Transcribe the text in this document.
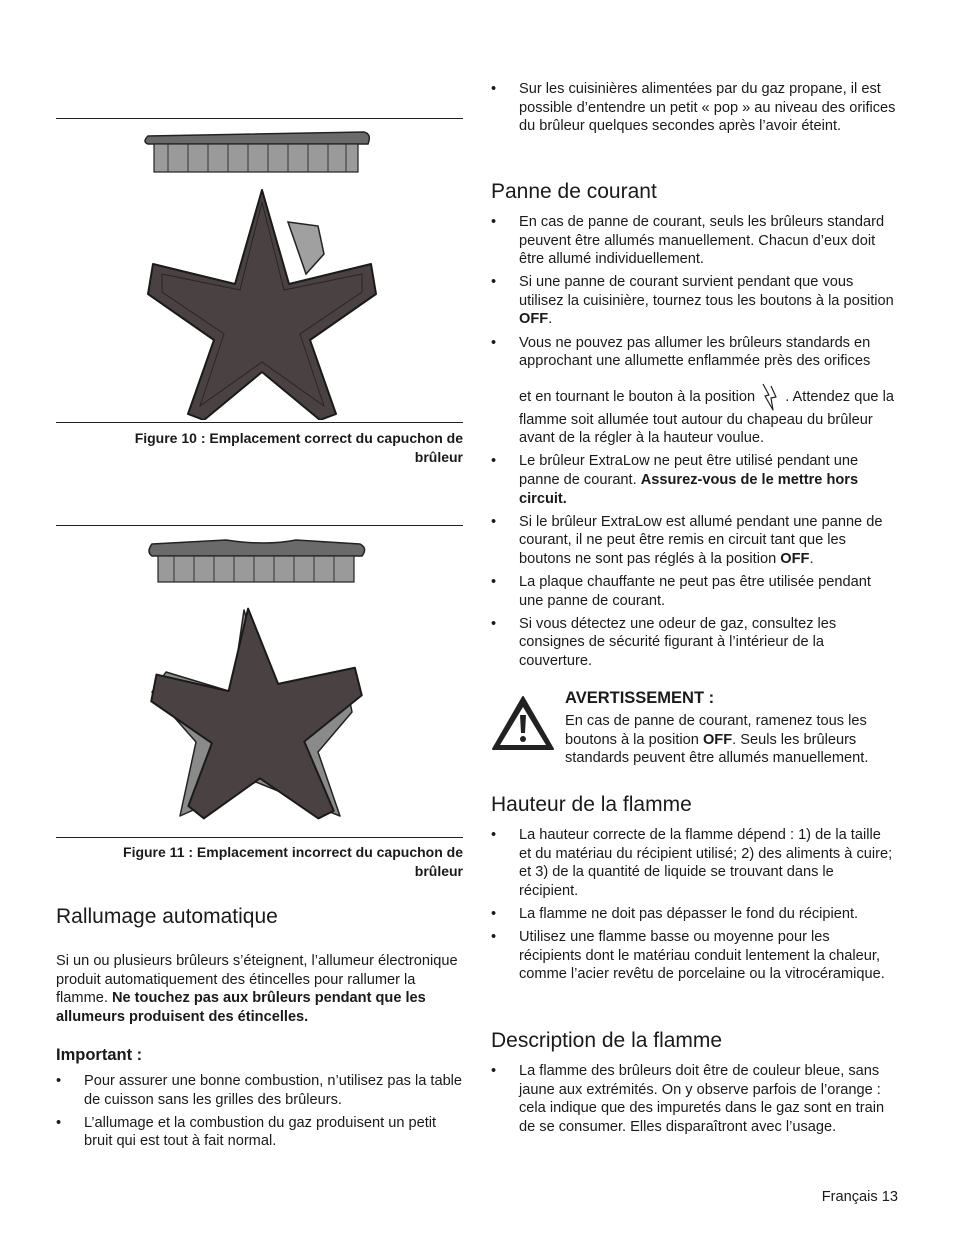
Figure 10 : Emplacement correct du capuchon de
brûleur
Figure 11 : Emplacement incorrect du capuchon de
brûleur
Rallumage automatique

Si un ou plusieurs brûleurs s’éteignent, l’allumeur électronique produit automatiquement des étincelles pour rallumer la flamme. Ne touchez pas aux brûleurs pendant que les allumeurs produisent des étincelles.

Important :
• Pour assurer une bonne combustion, n’utilisez pas la table de cuisson sans les grilles des brûleurs.
• L’allumage et la combustion du gaz produisent un petit bruit qui est tout à fait normal.
• Sur les cuisinières alimentées par du gaz propane, il est possible d’entendre un petit « pop » au niveau des orifices du brûleur quelques secondes après l’avoir éteint.
Panne de courant
• En cas de panne de courant, seuls les brûleurs standard peuvent être allumés manuellement. Chacun d’eux doit être allumé individuellement.
• Si une panne de courant survient pendant que vous utilisez la cuisinière, tournez tous les boutons à la position OFF.
• Vous ne pouvez pas allumer les brûleurs standards en approchant une allumette enflammée près des orifices
et en tournant le bouton à la position . Attendez que la flamme soit allumée tout autour du chapeau du brûleur avant de la régler à la hauteur voulue.
• Le brûleur ExtraLow ne peut être utilisé pendant une panne de courant. Assurez-vous de le mettre hors circuit.
• Si le brûleur ExtraLow est allumé pendant une panne de courant, il ne peut être remis en circuit tant que les boutons ne sont pas réglés à la position OFF.
• La plaque chauffante ne peut pas être utilisée pendant une panne de courant.
• Si vous détectez une odeur de gaz, consultez les consignes de sécurité figurant à l’intérieur de la couverture.
AVERTISSEMENT :
En cas de panne de courant, ramenez tous les boutons à la position OFF. Seuls les brûleurs standards peuvent être allumés manuellement.
Hauteur de la flamme
• La hauteur correcte de la flamme dépend : 1) de la taille et du matériau du récipient utilisé; 2) des aliments à cuire; et 3) de la quantité de liquide se trouvant dans le récipient.
• La flamme ne doit pas dépasser le fond du récipient.
• Utilisez une flamme basse ou moyenne pour les récipients dont le matériau conduit lentement la chaleur, comme l’acier revêtu de porcelaine ou la vitrocéramique.
Description de la flamme
• La flamme des brûleurs doit être de couleur bleue, sans jaune aux extrémités. On y observe parfois de l’orange : cela indique que des impuretés dans le gaz sont en train de se consumer. Elles disparaîtront avec l’usage.
Français 13
